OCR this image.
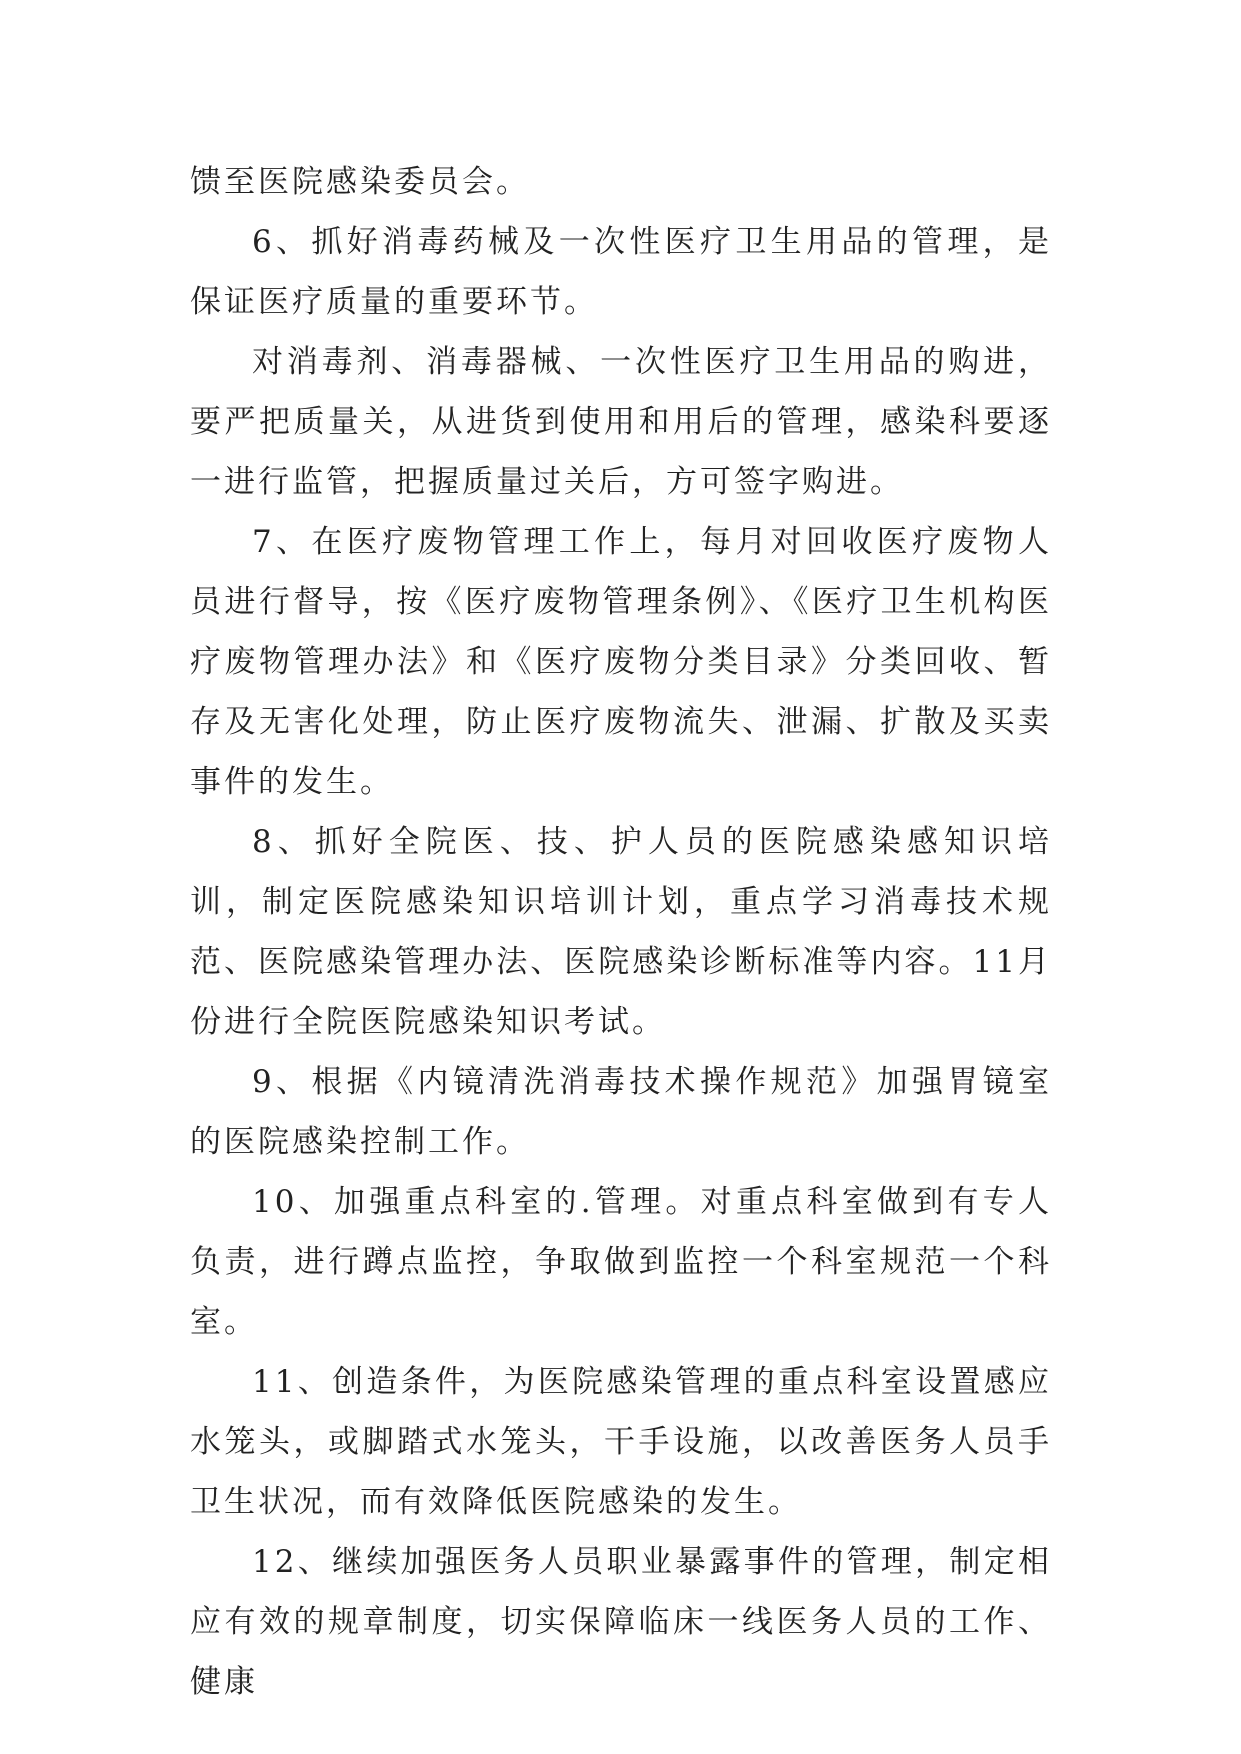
馈至医院感染委员会。

6、抓好消毒药械及一次性医疗卫生用品的管理，是保证医疗质量的重要环节。

对消毒剂、消毒器械、一次性医疗卫生用品的购进，要严把质量关，从进货到使用和用后的管理，感染科要逐一进行监管，把握质量过关后，方可签字购进。

7、在医疗废物管理工作上，每月对回收医疗废物人员进行督导，按《医疗废物管理条例》、《医疗卫生机构医疗废物管理办法》和《医疗废物分类目录》分类回收、暂存及无害化处理，防止医疗废物流失、泄漏、扩散及买卖事件的发生。

8、抓好全院医、技、护人员的医院感染感知识培训，制定医院感染知识培训计划，重点学习消毒技术规范、医院感染管理办法、医院感染诊断标准等内容。11月份进行全院医院感染知识考试。

9、根据《内镜清洗消毒技术操作规范》加强胃镜室的医院感染控制工作。

10、加强重点科室的.管理。对重点科室做到有专人负责，进行蹲点监控，争取做到监控一个科室规范一个科室。

11、创造条件，为医院感染管理的重点科室设置感应水笼头，或脚踏式水笼头，干手设施，以改善医务人员手卫生状况，而有效降低医院感染的发生。

12、继续加强医务人员职业暴露事件的管理，制定相应有效的规章制度，切实保障临床一线医务人员的工作、健康
